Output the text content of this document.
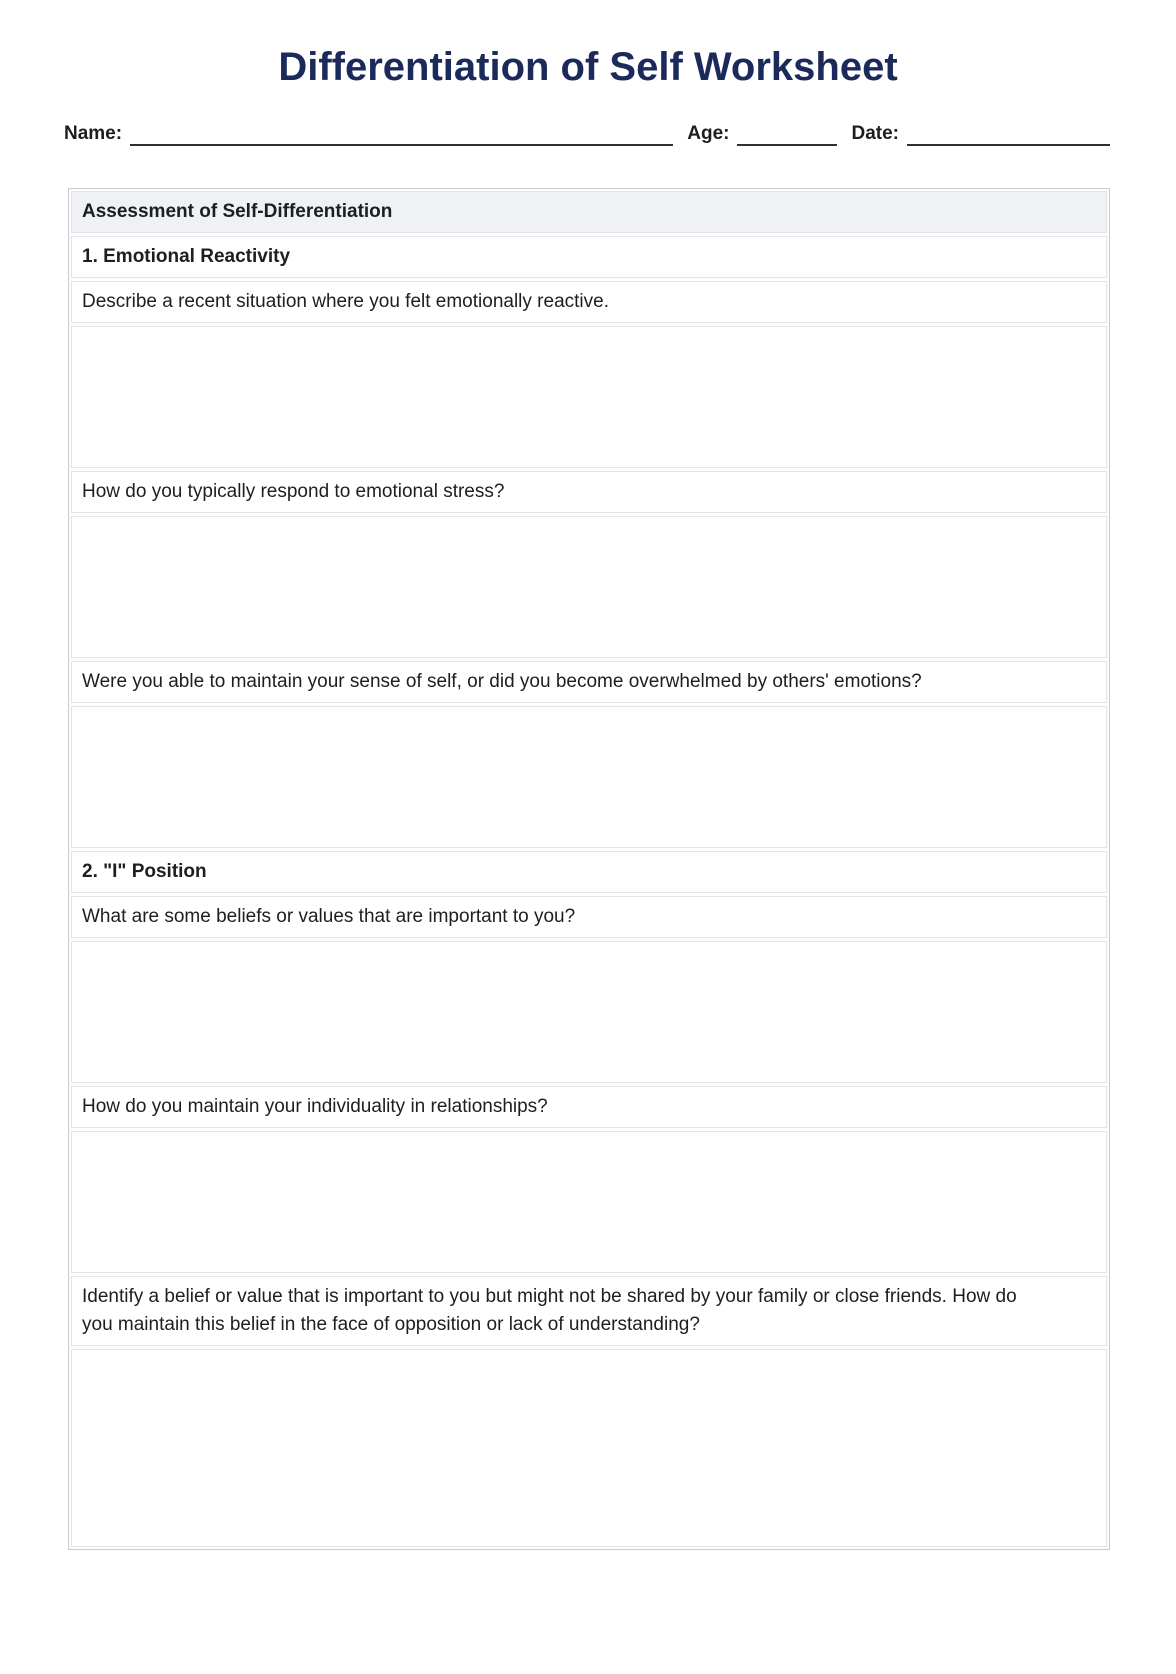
Differentiation of Self Worksheet
Name:	Age:	Date:
Assessment of Self-Differentiation
1. Emotional Reactivity
Describe a recent situation where you felt emotionally reactive.
How do you typically respond to emotional stress?
Were you able to maintain your sense of self, or did you become overwhelmed by others' emotions?
2. "I" Position
What are some beliefs or values that are important to you?
How do you maintain your individuality in relationships?
Identify a belief or value that is important to you but might not be shared by your family or close friends. How do you maintain this belief in the face of opposition or lack of understanding?
